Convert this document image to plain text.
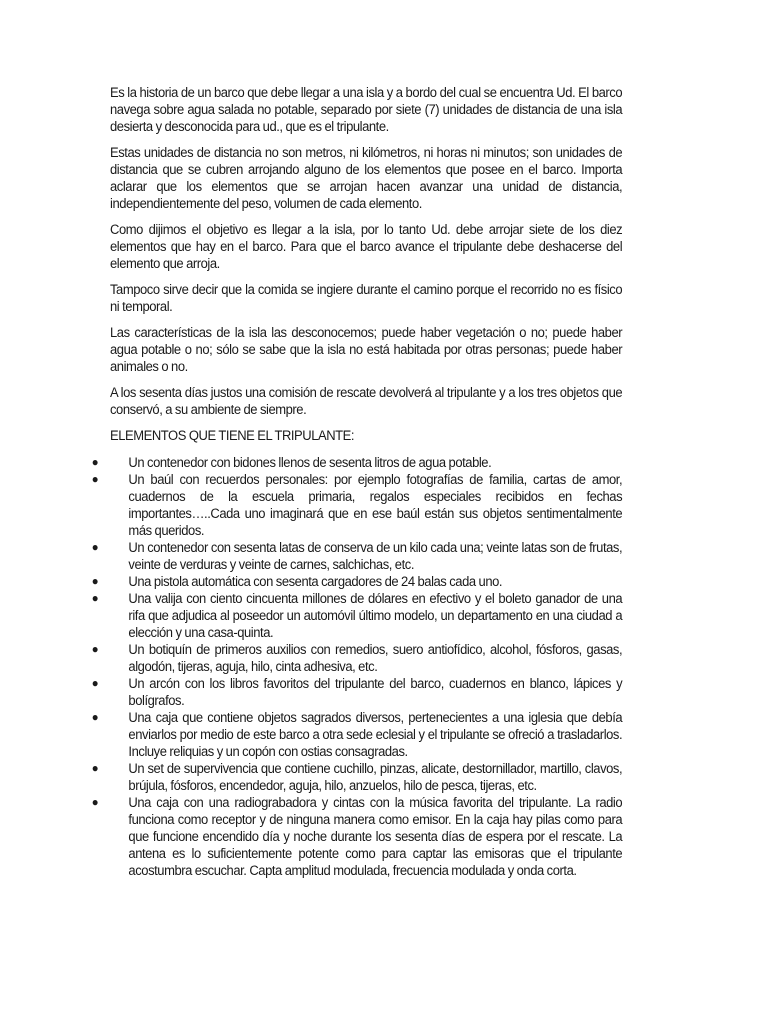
Es la historia de un barco que debe llegar a una isla y a bordo del cual se encuentra Ud. El barco navega sobre agua salada no potable, separado por siete (7) unidades de distancia de una isla desierta y desconocida para ud., que es el tripulante.

Estas unidades de distancia no son metros, ni kilómetros, ni horas ni minutos; son unidades de distancia que se cubren arrojando alguno de los elementos que posee en el barco. Importa aclarar que los elementos que se arrojan hacen avanzar una unidad de distancia, independientemente del peso, volumen de cada elemento.

Como dijimos el objetivo es llegar a la isla, por lo tanto Ud. debe arrojar siete de los diez elementos que hay en el barco. Para que el barco avance el tripulante debe deshacerse del elemento que arroja.

Tampoco sirve decir que la comida se ingiere durante el camino porque el recorrido no es físico ni temporal.

Las características de la isla las desconocemos; puede haber vegetación o no; puede haber agua potable o no; sólo se sabe que la isla no está habitada por otras personas; puede haber animales o no.

A los sesenta días justos una comisión de rescate devolverá al tripulante y a los tres objetos que conservó, a su ambiente de siempre.

ELEMENTOS QUE TIENE EL TRIPULANTE:

● Un contenedor con bidones llenos de sesenta litros de agua potable.
● Un baúl con recuerdos personales: por ejemplo fotografías de familia, cartas de amor, cuadernos de la escuela primaria, regalos especiales recibidos en fechas importantes…..Cada uno imaginará que en ese baúl están sus objetos sentimentalmente más queridos.
● Un contenedor con sesenta latas de conserva de un kilo cada una; veinte latas son de frutas, veinte de verduras y veinte de carnes, salchichas, etc.
● Una pistola automática con sesenta cargadores de 24 balas cada uno.
● Una valija con ciento cincuenta millones de dólares en efectivo y el boleto ganador de una rifa que adjudica al poseedor un automóvil último modelo, un departamento en una ciudad a elección y una casa-quinta.
● Un botiquín de primeros auxilios con remedios, suero antiofídico, alcohol, fósforos, gasas, algodón, tijeras, aguja, hilo, cinta adhesiva, etc.
● Un arcón con los libros favoritos del tripulante del barco, cuadernos en blanco, lápices y bolígrafos.
● Una caja que contiene objetos sagrados diversos, pertenecientes a una iglesia que debía enviarlos por medio de este barco a otra sede eclesial y el tripulante se ofreció a trasladarlos. Incluye reliquias y un copón con ostias consagradas.
● Un set de supervivencia que contiene cuchillo, pinzas, alicate, destornillador, martillo, clavos, brújula, fósforos, encendedor, aguja, hilo, anzuelos, hilo de pesca, tijeras, etc.
● Una caja con una radiograbadora y cintas con la música favorita del tripulante. La radio funciona como receptor y de ninguna manera como emisor. En la caja hay pilas como para que funcione encendido día y noche durante los sesenta días de espera por el rescate. La antena es lo suficientemente potente como para captar las emisoras que el tripulante acostumbra escuchar. Capta amplitud modulada, frecuencia modulada y onda corta.
